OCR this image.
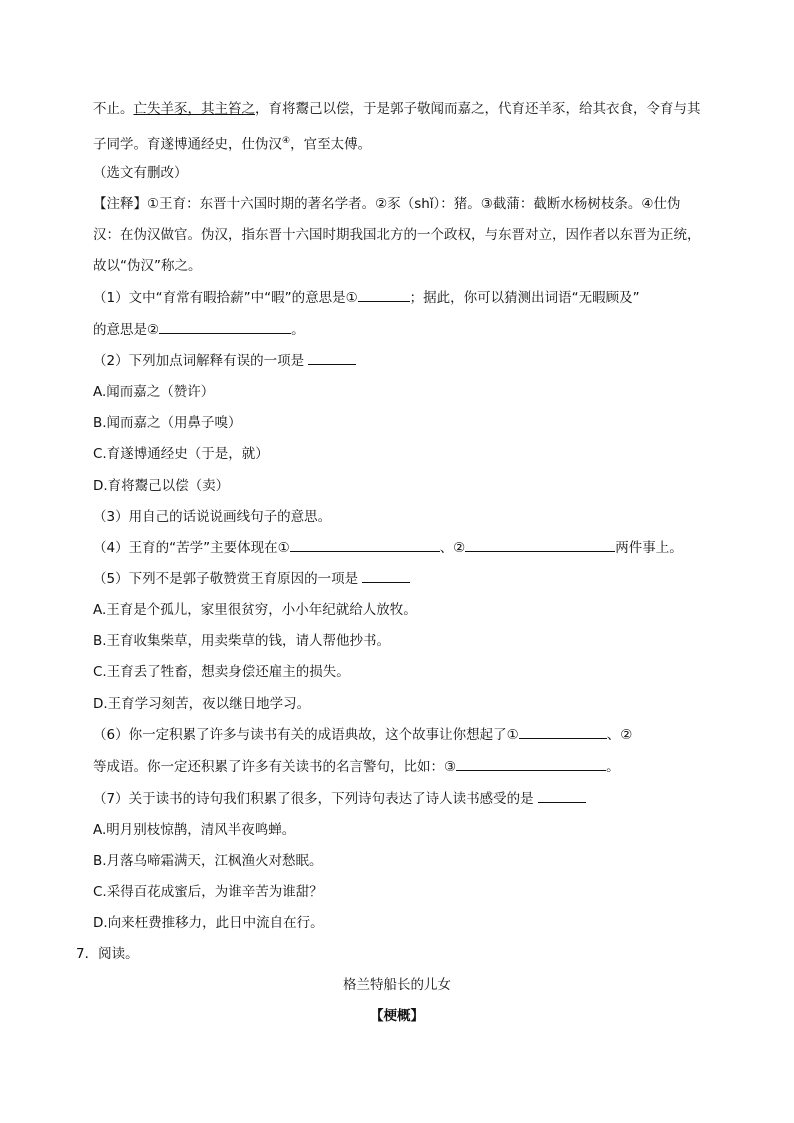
不止。亡失羊豕，其主笞之，育将鬻己以偿，于是郭子敬闻而嘉之，代育还羊豕，给其衣食，令育与其
子同学。育遂博通经史，仕伪汉④，官至太傅。
（选文有删改）
【注释】①王育：东晋十六国时期的著名学者。②豕（shǐ）：猪。③截蒲：截断水杨树枝条。④仕伪
汉：在伪汉做官。伪汉，指东晋十六国时期我国北方的一个政权，与东晋对立，因作者以东晋为正统，
故以“伪汉”称之。
（1）文中“育常有暇拾薪”中“暇”的意思是①	；据此，你可以猜测出词语“无暇顾及”
的意思是②	。
（2）下列加点词解释有误的一项是
A.闻而嘉之（赞许）
B.闻而嘉之（用鼻子嗅）
C.育遂博通经史（于是，就）
D.育将鬻己以偿（卖）
（3）用自己的话说说画线句子的意思。
（4）王育的“苦学”主要体现在①	、②	两件事上。
（5）下列不是郭子敬赞赏王育原因的一项是
A.王育是个孤儿，家里很贫穷，小小年纪就给人放牧。
B.王育收集柴草，用卖柴草的钱，请人帮他抄书。
C.王育丢了牲畜，想卖身偿还雇主的损失。
D.王育学习刻苦，夜以继日地学习。
（6）你一定积累了许多与读书有关的成语典故，这个故事让你想起了①	、②
等成语。你一定还积累了许多有关读书的名言警句，比如：③	。
（7）关于读书的诗句我们积累了很多，下列诗句表达了诗人读书感受的是
A.明月别枝惊鹊，清风半夜鸣蝉。
B.月落乌啼霜满天，江枫渔火对愁眠。
C.采得百花成蜜后，为谁辛苦为谁甜？
D.向来枉费推移力，此日中流自在行。
7．阅读。
格兰特船长的儿女
【梗概】
